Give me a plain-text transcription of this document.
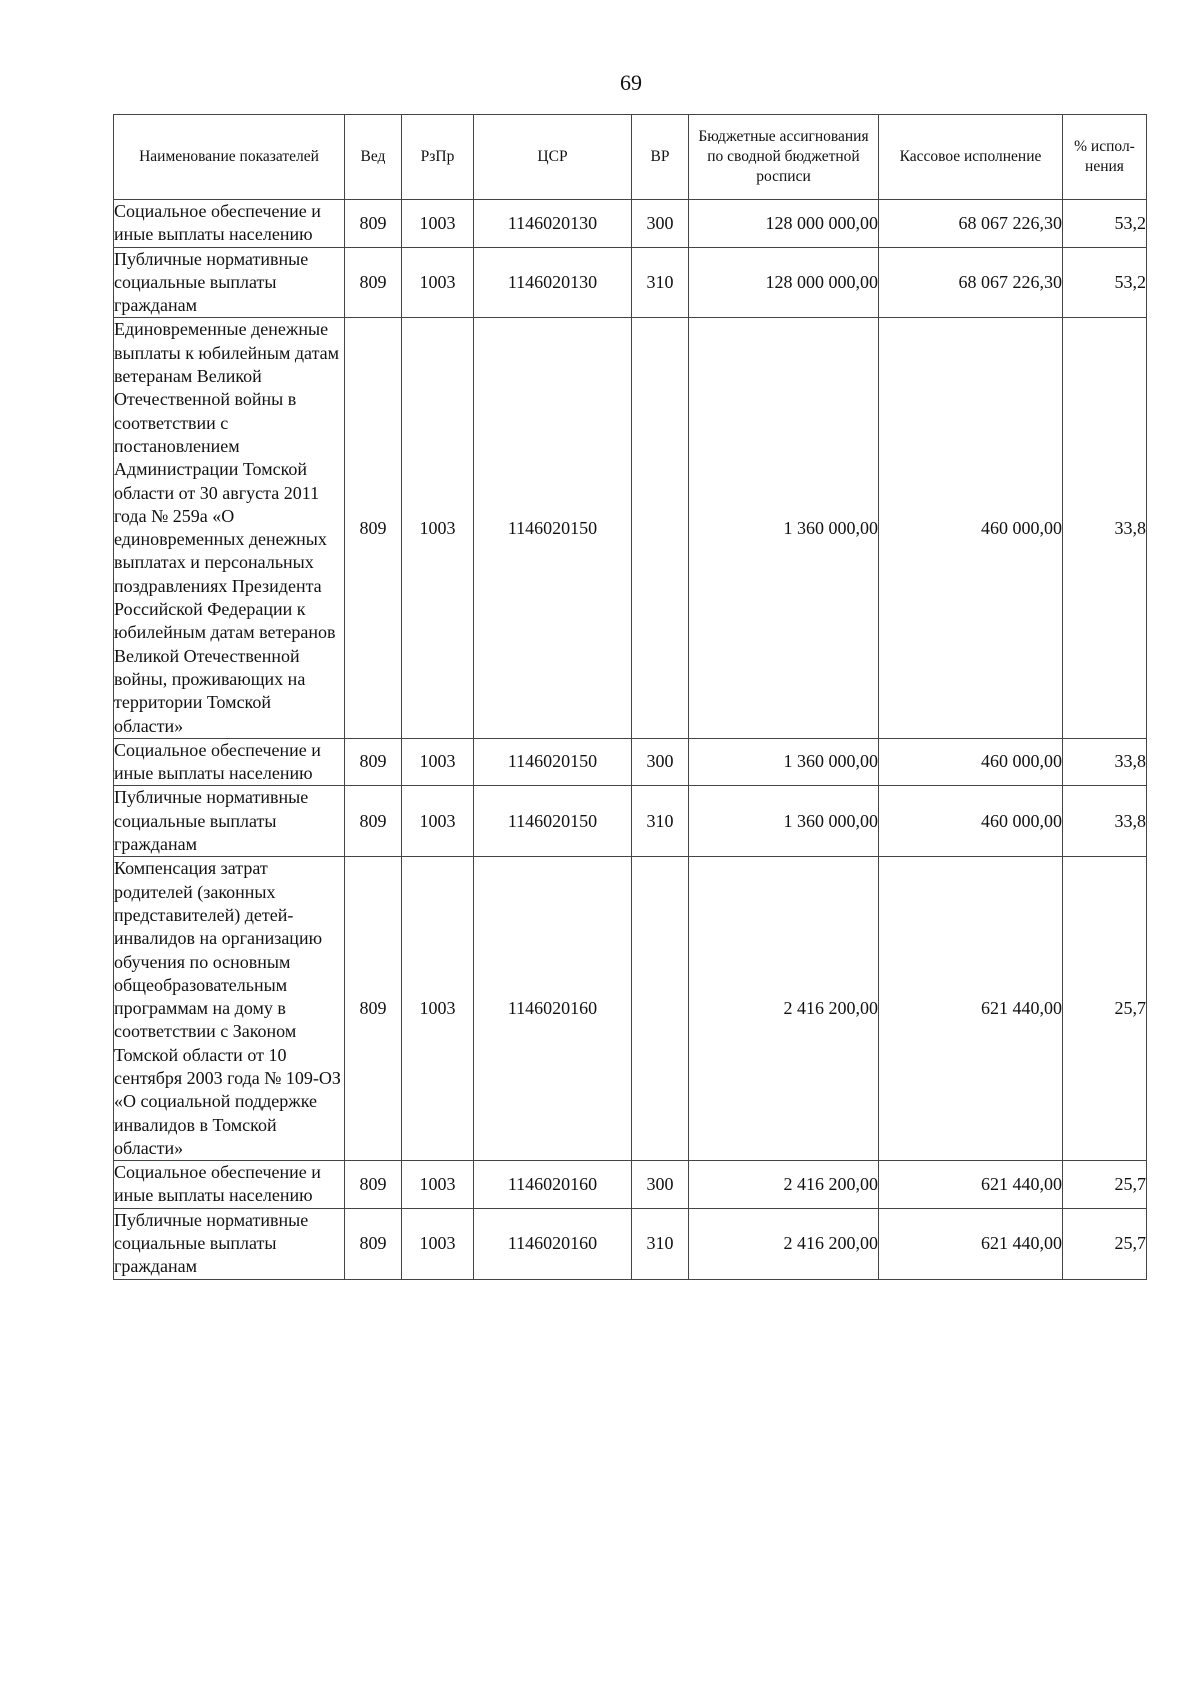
69
Наименование показателей	Вед	РзПр	ЦСР	ВР	Бюджетные ассигнования по сводной бюджетной росписи	Кассовое исполнение	% испол-нения
Социальное обеспечение и иные выплаты населению	809	1003	1146020130	300	128 000 000,00	68 067 226,30	53,2
Публичные нормативные социальные выплаты гражданам	809	1003	1146020130	310	128 000 000,00	68 067 226,30	53,2
Единовременные денежные выплаты к юбилейным датам ветеранам Великой Отечественной войны в соответствии с постановлением Администрации Томской области от 30 августа 2011 года № 259а «О единовременных денежных выплатах и персональных поздравлениях Президента Российской Федерации к юбилейным датам ветеранов Великой Отечественной войны, проживающих на территории Томской области»	809	1003	1146020150		1 360 000,00	460 000,00	33,8
Социальное обеспечение и иные выплаты населению	809	1003	1146020150	300	1 360 000,00	460 000,00	33,8
Публичные нормативные социальные выплаты гражданам	809	1003	1146020150	310	1 360 000,00	460 000,00	33,8
Компенсация затрат родителей (законных представителей) детей-инвалидов на организацию обучения по основным общеобразовательным программам на дому в соответствии с Законом Томской области от 10 сентября 2003 года № 109-ОЗ «О социальной поддержке инвалидов в Томской области»	809	1003	1146020160		2 416 200,00	621 440,00	25,7
Социальное обеспечение и иные выплаты населению	809	1003	1146020160	300	2 416 200,00	621 440,00	25,7
Публичные нормативные социальные выплаты гражданам	809	1003	1146020160	310	2 416 200,00	621 440,00	25,7
